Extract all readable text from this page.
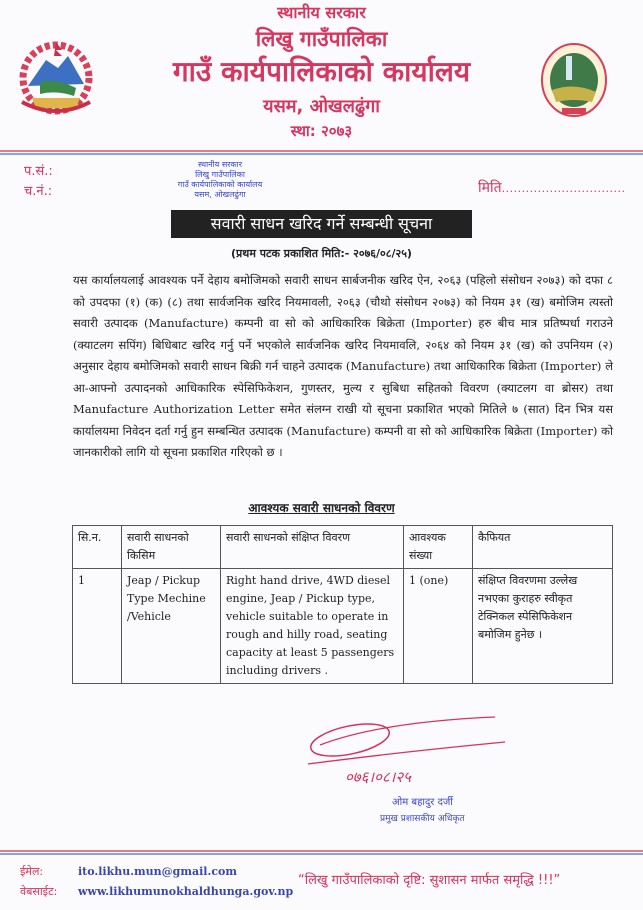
स्थानीय सरकार
लिखु गाउँपालिका
गाउँ कार्यपालिकाको कार्यालय
यसम, ओखलढुंगा
स्था: २०७३
स्थानीय सरकार
लिखु गाउँपालिका
गाउँ कार्यपालिकाको कार्यालय
यसम, ओखलढुंगा
प.सं.:
च.नं.:	मिति...............................
सवारी साधन खरिद गर्ने सम्बन्धी सूचना
(प्रथम पटक प्रकाशित मिति:- २०७६/०८/२५)
यस कार्यालयलाई आवश्यक पर्ने देहाय बमोजिमको सवारी साधन सार्बजनीक खरिद ऐन, २०६३ (पहिलो संसोधन २०७३) को दफा ८ को उपदफा (१) (क) (८) तथा सार्वजनिक खरिद नियमावली, २०६३ (चौथो संसोधन २०७३) को नियम ३१ (ख) बमोजिम त्यस्तो सवारी उत्पादक (Manufacture) कम्पनी वा सो को आधिकारिक बिक्रेता (Importer) हरु बीच मात्र प्रतिष्पर्धा गराउने (क्याटलग सपिंग) बिधिबाट खरिद गर्नु पर्ने भएकोले सार्वजनिक खरिद नियमावलि, २०६४ को नियम ३१ (ख) को उपनियम (२) अनुसार देहाय बमोजिमको सवारी साधन बिक्री गर्न चाहने उत्पादक (Manufacture) तथा आधिकारिक बिक्रेता (Importer) ले आ-आफ्नो उत्पादनको आधिकारिक स्पेसिफिकेशन, गुणस्तर, मुल्य र सुबिधा सहितको विवरण (क्याटलग वा ब्रोसर) तथा Manufacture Authorization Letter समेत संलग्न राखी यो सूचना प्रकाशित भएको मितिले ७ (सात) दिन भित्र यस कार्यालयमा निवेदन दर्ता गर्नु हुन सम्बन्धित उत्पादक (Manufacture) कम्पनी वा सो को आधिकारिक बिक्रेता (Importer) को जानकारीको लागि यो सूचना प्रकाशित गरिएको छ ।
आवश्यक सवारी साधनको विवरण
सि.न.	सवारी साधनको किसिम	सवारी साधनको संक्षिप्त विवरण	आवश्यक संख्या	कैफियत
1	Jeap / Pickup Type Mechine /Vehicle	Right hand drive, 4WD diesel engine, Jeap / Pickup type, vehicle suitable to operate in rough and hilly road, seating capacity at least 5 passengers including drivers .	1 (one)	संक्षिप्त विवरणमा उल्लेख नभएका कुराहरु स्वीकृत टेक्निकल स्पेसिफिकेशन बमोजिम हुनेछ ।
०७६।०८।२५
ओम बहादुर दर्जी
प्रमुख प्रशासकीय अधिकृत
ईमेल:	ito.likhu.mun@gmail.com
वेबसाईट: www.likhumunokhaldhunga.gov.np
“लिखु गाउँपालिकाको दृष्टि: सुशासन मार्फत समृद्धि !!!”
